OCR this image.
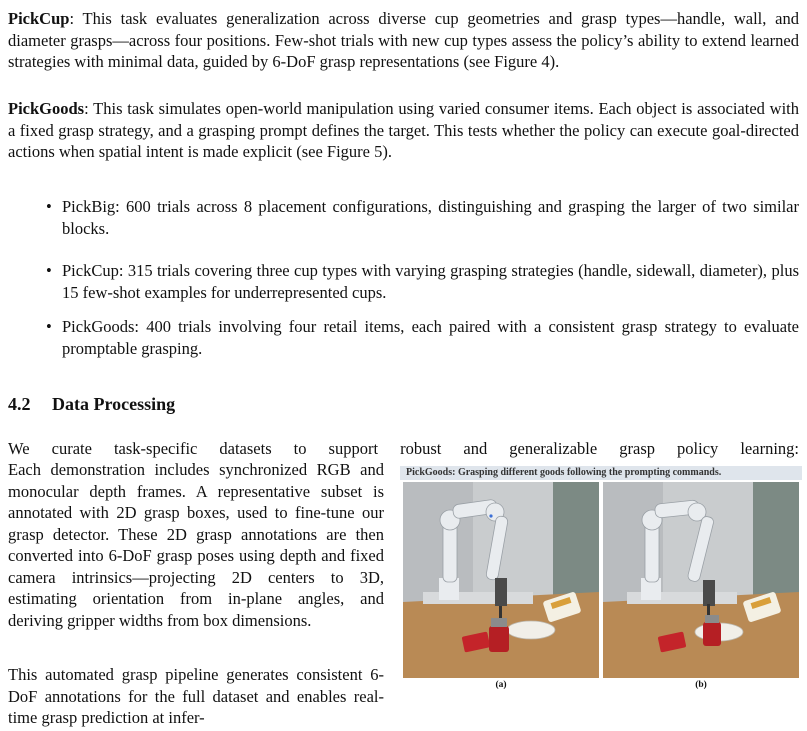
PickCup: This task evaluates generalization across diverse cup geometries and grasp types—handle, wall, and diameter grasps—across four positions. Few-shot trials with new cup types assess the policy’s ability to extend learned strategies with minimal data, guided by 6-DoF grasp representations (see Figure 4).

PickGoods: This task simulates open-world manipulation using varied consumer items. Each object is associated with a fixed grasp strategy, and a grasping prompt defines the target. This tests whether the policy can execute goal-directed actions when spatial intent is made explicit (see Figure 5).

• PickBig: 600 trials across 8 placement configurations, distinguishing and grasping the larger of two similar blocks.
• PickCup: 315 trials covering three cup types with varying grasping strategies (handle, sidewall, diameter), plus 15 few-shot examples for underrepresented cups.
• PickGoods: 400 trials involving four retail items, each paired with a consistent grasp strategy to evaluate promptable grasping.
4.2 Data Processing

We curate task-specific datasets to support robust and generalizable grasp policy learning:

Each demonstration includes synchronized RGB and monocular depth frames. A representative subset is annotated with 2D grasp boxes, used to fine-tune our grasp detector. These 2D grasp annotations are then converted into 6-DoF grasp poses using depth and fixed camera intrinsics—projecting 2D centers to 3D, estimating orientation from in-plane angles, and deriving gripper widths from box dimensions.

This automated grasp pipeline generates consistent 6-DoF annotations for the full dataset and enables real-time grasp prediction at infer-

PickGoods: Grasping different goods following the prompting commands.
(a)	(b)
